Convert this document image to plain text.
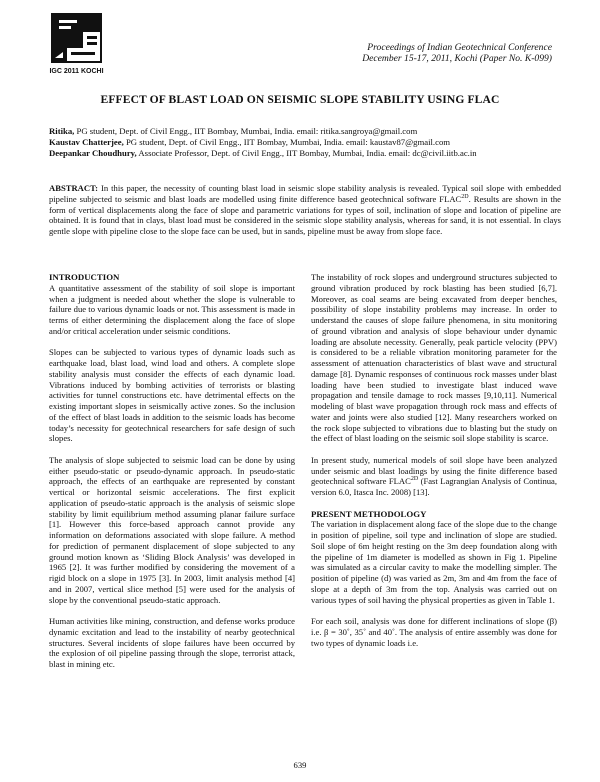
IGC 2011 KOCHI
Proceedings of Indian Geotechnical Conference
December 15-17, 2011, Kochi (Paper No. K-099)
EFFECT OF BLAST LOAD ON SEISMIC SLOPE STABILITY USING FLAC

Ritika, PG student, Dept. of Civil Engg., IIT Bombay, Mumbai, India. email: ritika.sangroya@gmail.com

Kaustav Chatterjee, PG student, Dept. of Civil Engg., IIT Bombay, Mumbai, India. email: kaustav87@gmail.com

Deepankar Choudhury, Associate Professor, Dept. of Civil Engg., IIT Bombay, Mumbai, India. email: dc@civil.iitb.ac.in

ABSTRACT: In this paper, the necessity of counting blast load in seismic slope stability analysis is revealed. Typical soil slope with embedded pipeline subjected to seismic and blast loads are modelled using finite difference based geotechnical software $FLAC^{2D}$. Results are shown in the form of vertical displacements along the face of slope and parametric variations for types of soil, inclination of slope and location of pipeline are obtained. It is found that in clays, blast load must be considered in the seismic slope stability analysis, whereas for sand, it is not essential. In clays gentle slope with pipeline close to the slope face can be used, but in sands, pipeline must be away from slope face.
INTRODUCTION

A quantitative assessment of the stability of soil slope is important when a judgment is needed about whether the slope is vulnerable to failure due to various dynamic loads or not. This assessment is made in terms of either determining the displacement along the face of slope and/or critical acceleration under seismic conditions.

Slopes can be subjected to various types of dynamic loads such as earthquake load, blast load, wind load and others. A complete slope stability analysis must consider the effects of each dynamic load. Vibrations induced by bombing activities of terrorists or blasting activities for tunnel constructions etc. have detrimental effects on the existing important slopes in seismically active zones. So the inclusion of the effect of blast loads in addition to the seismic loads has become today’s necessity for geotechnical researchers for safe design of such slopes.

The analysis of slope subjected to seismic load can be done by using either pseudo-static or pseudo-dynamic approach. In pseudo-static approach, the effects of an earthquake are represented by constant vertical or horizontal seismic accelerations. The first explicit application of pseudo-static approach is the analysis of seismic slope stability by limit equilibrium method assuming planar failure surface [1]. However this force-based approach cannot provide any information on deformations associated with slope failure. A method for prediction of permanent displacement of slope subjected to any ground motion known as ‘Sliding Block Analysis’ was developed in 1965 [2]. It was further modified by considering the movement of a rigid block on a slope in 1975 [3]. In 2003, limit analysis method [4] and in 2007, vertical slice method [5] were used for the analysis of slope by the conventional pseudo-static approach.

Human activities like mining, construction, and defense works produce dynamic excitation and lead to the instability of nearby geotechnical structures. Several incidents of slope failures have been occurred by the explosion of oil pipeline passing through the slope, terrorist attack, blast in mining etc.

The instability of rock slopes and underground structures subjected to ground vibration produced by rock blasting has been studied [6,7]. Moreover, as coal seams are being excavated from deeper benches, possibility of slope instability problems may increase. In order to understand the causes of slope failure phenomena, in situ monitoring of ground vibration and analysis of slope behaviour under dynamic loading are absolute necessity. Generally, peak particle velocity (PPV) is considered to be a reliable vibration monitoring parameter for the assessment of attenuation characteristics of blast wave and structural damage [8]. Dynamic responses of continuous rock masses under blast loading have been studied to investigate blast induced wave propagation and tensile damage to rock masses [9,10,11]. Numerical modeling of blast wave propagation through rock mass and effects of water and joints were also studied [12]. Many researchers worked on the rock slope subjected to vibrations due to blasting but the study on the effect of blast loading on the seismic soil slope stability is scarce.

In present study, numerical models of soil slope have been analyzed under seismic and blast loadings by using the finite difference based geotechnical software $FLAC^{2D}$ (Fast Lagrangian Analysis of Continua, version 6.0, Itasca Inc. 2008) [13].

PRESENT METHODOLOGY

The variation in displacement along face of the slope due to the change in position of pipeline, soil type and inclination of slope are studied. Soil slope of 6m height resting on the 3m deep foundation along with the pipeline of 1m diameter is modelled as shown in Fig 1. Pipeline was simulated as a circular cavity to make the modelling simpler. The position of pipeline (d) was varied as 2m, 3m and 4m from the face of slope at a depth of 3m from the top. Analysis was carried out on various types of soil having the physical properties as given in Table 1.

For each soil, analysis was done for different inclinations of slope (β) i.e. β = 30˚, 35˚ and 40˚. The analysis of entire assembly was done for two types of dynamic loads i.e.

639
